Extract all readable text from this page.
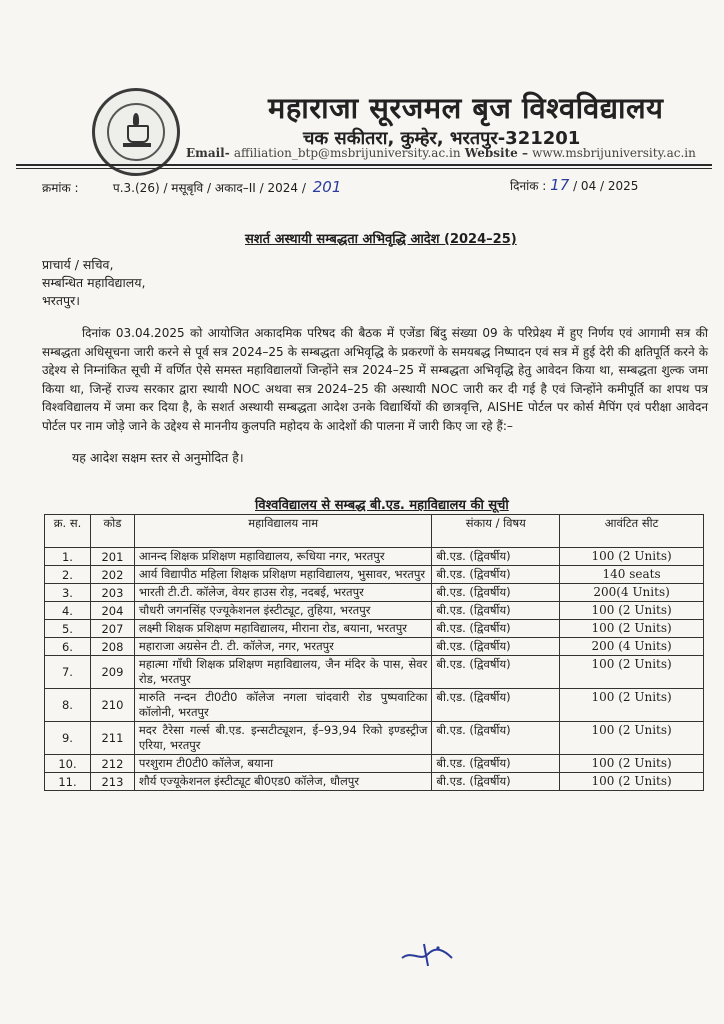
महाराजा सूरजमल बृज विश्वविद्यालय
चक सकीतरा, कुम्हेर, भरतपुर-321201
Email- affiliation_btp@msbrijuniversity.ac.in Website – www.msbrijuniversity.ac.in
क्रमांक :	प.3.(26) / मसूबृवि / अकाद–II / 2024 / 201	दिनांक : 17 / 04 / 2025
सशर्त अस्थायी सम्बद्धता अभिवृद्धि आदेश (2024–25)
प्राचार्य / सचिव,
सम्बन्धित महाविद्यालय,
भरतपुर।

दिनांक 03.04.2025 को आयोजित अकादमिक परिषद की बैठक में एजेंडा बिंदु संख्या 09 के परिप्रेक्ष्य में हुए निर्णय एवं आगामी सत्र की सम्बद्धता अधिसूचना जारी करने से पूर्व सत्र 2024–25 के सम्बद्धता अभिवृद्धि के प्रकरणों के समयबद्ध निष्पादन एवं सत्र में हुई देरी की क्षतिपूर्ति करने के उद्देश्य से निम्नांकित सूची में वर्णित ऐसे समस्त महाविद्यालयों जिन्होंने सत्र 2024–25 में सम्बद्धता अभिवृद्धि हेतु आवेदन किया था, सम्बद्धता शुल्क जमा किया था, जिन्हें राज्य सरकार द्वारा स्थायी NOC अथवा सत्र 2024–25 की अस्थायी NOC जारी कर दी गई है एवं जिन्होंने कमीपूर्ति का शपथ पत्र विश्वविद्यालय में जमा कर दिया है, के सशर्त अस्थायी सम्बद्धता आदेश उनके विद्यार्थियों की छात्रवृत्ति, AISHE पोर्टल पर कोर्स मैपिंग एवं परीक्षा आवेदन पोर्टल पर नाम जोड़े जाने के उद्देश्य से माननीय कुलपति महोदय के आदेशों की पालना में जारी किए जा रहे हैं:–

यह आदेश सक्षम स्तर से अनुमोदित है।
विश्वविद्यालय से सम्बद्ध बी.एड. महाविद्यालय की सूची
क्र. स.	कोड	महाविद्यालय नाम	संकाय / विषय	आवंटित सीट
1.	201	आनन्द शिक्षक प्रशिक्षण महाविद्यालय, रूधिया नगर, भरतपुर	बी.एड. (द्विवर्षीय)	100 (2 Units)
2.	202	आर्य विद्यापीठ महिला शिक्षक प्रशिक्षण महाविद्यालय, भुसावर, भरतपुर	बी.एड. (द्विवर्षीय)	140 seats
3.	203	भारती टी.टी. कॉलेज, वेयर हाउस रोड़, नदबई, भरतपुर	बी.एड. (द्विवर्षीय)	200(4 Units)
4.	204	चौधरी जगनसिंह एज्यूकेशनल इंस्टीट्यूट, तुहिया, भरतपुर	बी.एड. (द्विवर्षीय)	100 (2 Units)
5.	207	लक्ष्मी शिक्षक प्रशिक्षण महाविद्यालय, मीराना रोड, बयाना, भरतपुर	बी.एड. (द्विवर्षीय)	100 (2 Units)
6.	208	महाराजा अग्रसेन टी. टी. कॉलेज, नगर, भरतपुर	बी.एड. (द्विवर्षीय)	200 (4 Units)
7.	209	महात्मा गाँधी शिक्षक प्रशिक्षण महाविद्यालय, जैन मंदिर के पास, सेवर रोड, भरतपुर	बी.एड. (द्विवर्षीय)	100 (2 Units)
8.	210	मारुति नन्दन टी0टी0 कॉलेज नगला चांदवारी रोड पुष्पवाटिका कॉलोनी, भरतपुर	बी.एड. (द्विवर्षीय)	100 (2 Units)
9.	211	मदर टैरेसा गर्ल्स बी.एड. इन्सटीट्यूशन, ई–93,94 रिको इण्डस्ट्रीज एरिया, भरतपुर	बी.एड. (द्विवर्षीय)	100 (2 Units)
10.	212	परशुराम टी0टी0 कॉलेज, बयाना	बी.एड. (द्विवर्षीय)	100 (2 Units)
11.	213	शौर्य एज्यूकेशनल इंस्टीट्यूट बी0एड0 कॉलेज, धौलपुर	बी.एड. (द्विवर्षीय)	100 (2 Units)
